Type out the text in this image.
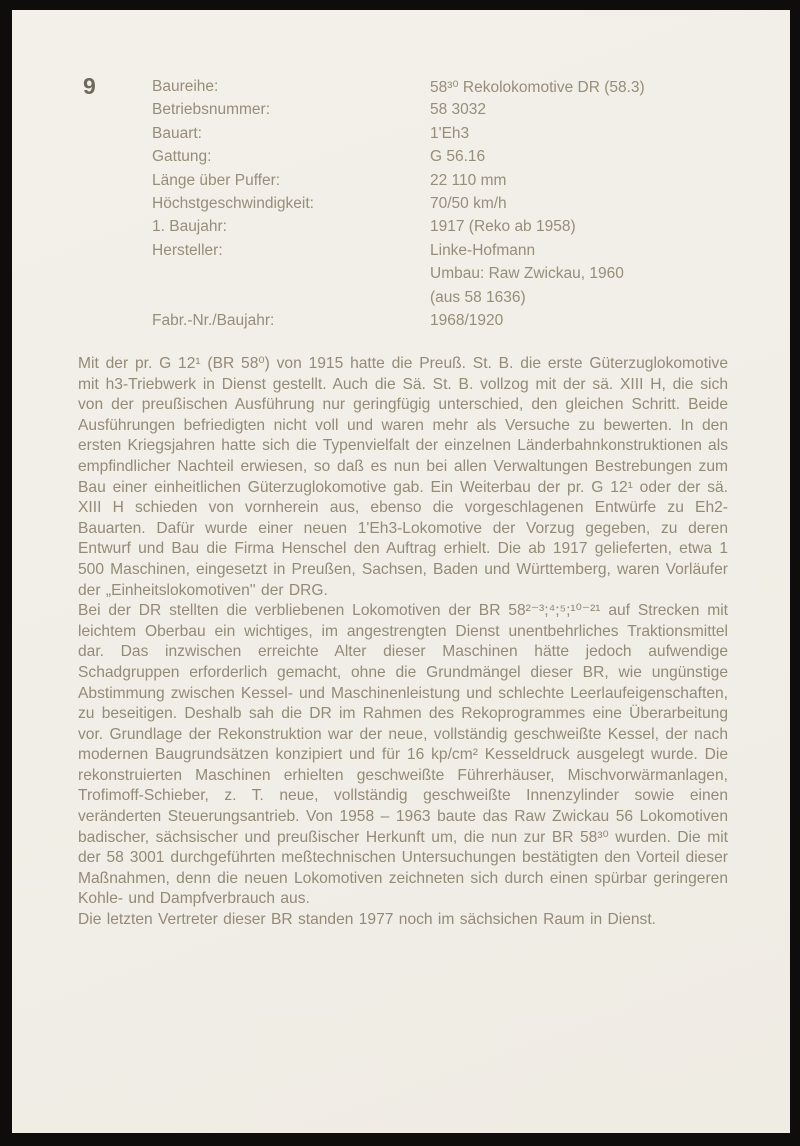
9	Baureihe:	58³⁰ Rekolokomotive DR (58.3)
Betriebsnummer:	58 3032
Bauart:	1'Eh3
Gattung:	G 56.16
Länge über Puffer:	22 110 mm
Höchstgeschwindigkeit:	70/50 km/h
1. Baujahr:	1917 (Reko ab 1958)
Hersteller:	Linke-Hofmann
Umbau: Raw Zwickau, 1960
(aus 58 1636)
Fabr.-Nr./Baujahr:	1968/1920

Mit der pr. G 12¹ (BR 58⁰) von 1915 hatte die Preuß. St. B. die erste Güterzuglokomotive mit h3-Triebwerk in Dienst gestellt. Auch die Sä. St. B. vollzog mit der sä. XIII H, die sich von der preußischen Ausführung nur geringfügig unterschied, den gleichen Schritt. Beide Ausführungen befriedigten nicht voll und waren mehr als Versuche zu bewerten. In den ersten Kriegsjahren hatte sich die Typenvielfalt der einzelnen Länderbahnkonstruktionen als empfindlicher Nachteil erwiesen, so daß es nun bei allen Verwaltungen Bestrebungen zum Bau einer einheitlichen Güterzuglokomotive gab. Ein Weiterbau der pr. G 12¹ oder der sä. XIII H schieden von vornherein aus, ebenso die vorgeschlagenen Entwürfe zu Eh2-Bauarten. Dafür wurde einer neuen 1'Eh3-Lokomotive der Vorzug gegeben, zu deren Entwurf und Bau die Firma Henschel den Auftrag erhielt. Die ab 1917 gelieferten, etwa 1 500 Maschinen, eingesetzt in Preußen, Sachsen, Baden und Württemberg, waren Vorläufer der „Einheitslokomotiven'' der DRG.

Bei der DR stellten die verbliebenen Lokomotiven der BR 58²⁻³;⁴;⁵;¹⁰⁻²¹ auf Strecken mit leichtem Oberbau ein wichtiges, im angestrengten Dienst unentbehrliches Traktionsmittel dar. Das inzwischen erreichte Alter dieser Maschinen hätte jedoch aufwendige Schadgruppen erforderlich gemacht, ohne die Grundmängel dieser BR, wie ungünstige Abstimmung zwischen Kessel- und Maschinenleistung und schlechte Leerlaufeigenschaften, zu beseitigen. Deshalb sah die DR im Rahmen des Rekoprogrammes eine Überarbeitung vor. Grundlage der Rekonstruktion war der neue, vollständig geschweißte Kessel, der nach modernen Baugrundsätzen konzipiert und für 16 kp/cm² Kesseldruck ausgelegt wurde. Die rekonstruierten Maschinen erhielten geschweißte Führerhäuser, Mischvorwärmanlagen, Trofimoff-Schieber, z. T. neue, vollständig geschweißte Innenzylinder sowie einen veränderten Steuerungsantrieb. Von 1958 – 1963 baute das Raw Zwickau 56 Lokomotiven badischer, sächsischer und preußischer Herkunft um, die nun zur BR 58³⁰ wurden. Die mit der 58 3001 durchgeführten meßtechnischen Untersuchungen bestätigten den Vorteil dieser Maßnahmen, denn die neuen Lokomotiven zeichneten sich durch einen spürbar geringeren Kohle- und Dampfverbrauch aus.

Die letzten Vertreter dieser BR standen 1977 noch im sächsichen Raum in Dienst.
